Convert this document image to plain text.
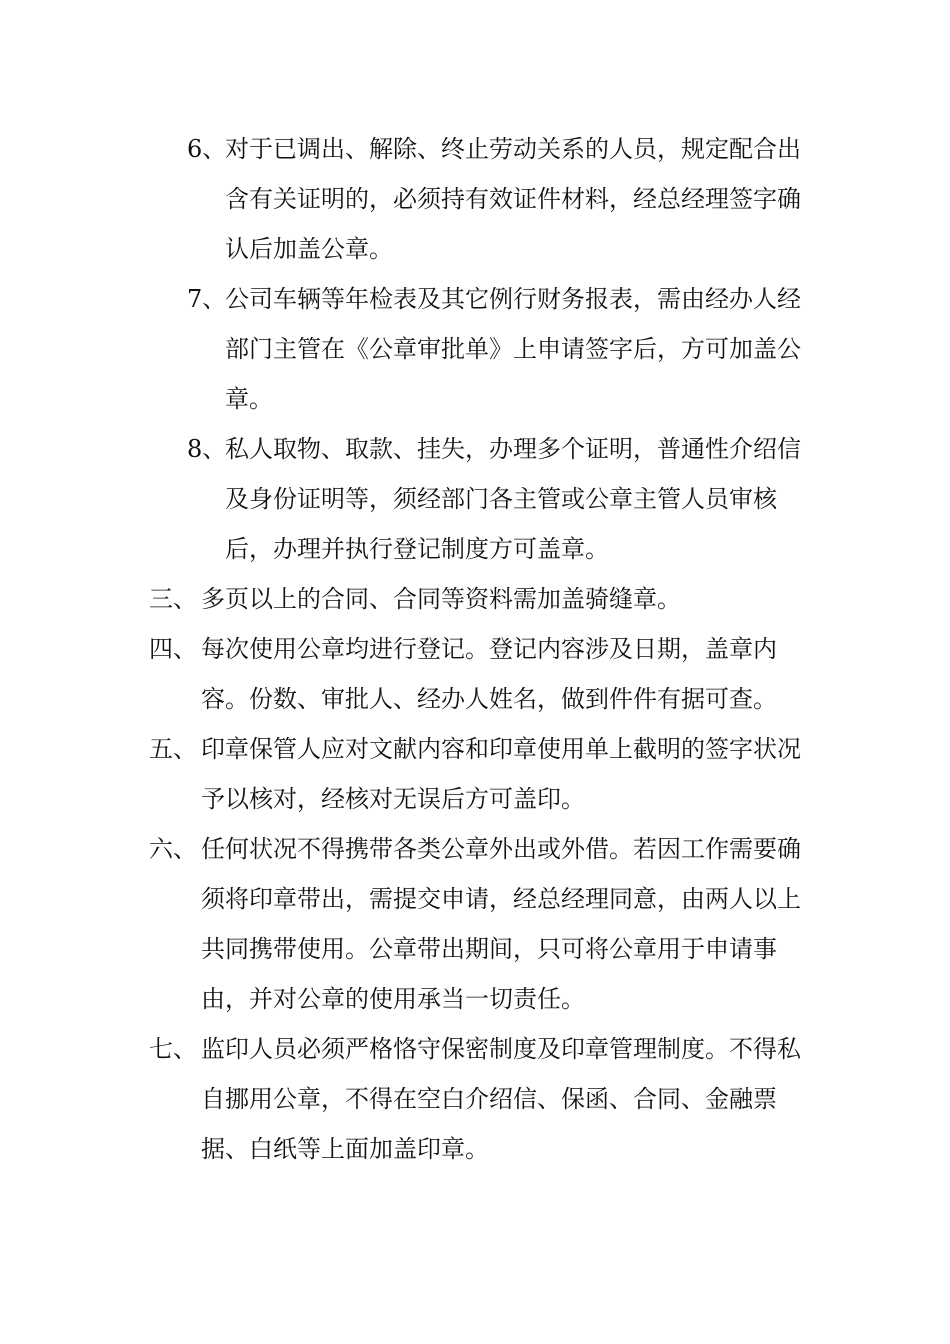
6、
对于已调出、解除、终止劳动关系的人员，规定配合出含有关证明的，必须持有效证件材料，经总经理签字确认后加盖公章。
7、
公司车辆等年检表及其它例行财务报表，需由经办人经部门主管在《公章审批单》上申请签字后，方可加盖公章。
8、
私人取物、取款、挂失，办理多个证明，普通性介绍信及身份证明等，须经部门各主管或公章主管人员审核后，办理并执行登记制度方可盖章。
三、 多页以上的合同、合同等资料需加盖骑缝章。
四、 每次使用公章均进行登记。登记内容涉及日期，盖章内容。份数、审批人、经办人姓名，做到件件有据可查。
五、 印章保管人应对文献内容和印章使用单上截明的签字状况予以核对，经核对无误后方可盖印。
六、 任何状况不得携带各类公章外出或外借。若因工作需要确须将印章带出，需提交申请，经总经理同意，由两人以上共同携带使用。公章带出期间，只可将公章用于申请事由，并对公章的使用承当一切责任。
七、 监印人员必须严格恪守保密制度及印章管理制度。不得私自挪用公章，不得在空白介绍信、保函、合同、金融票据、白纸等上面加盖印章。
